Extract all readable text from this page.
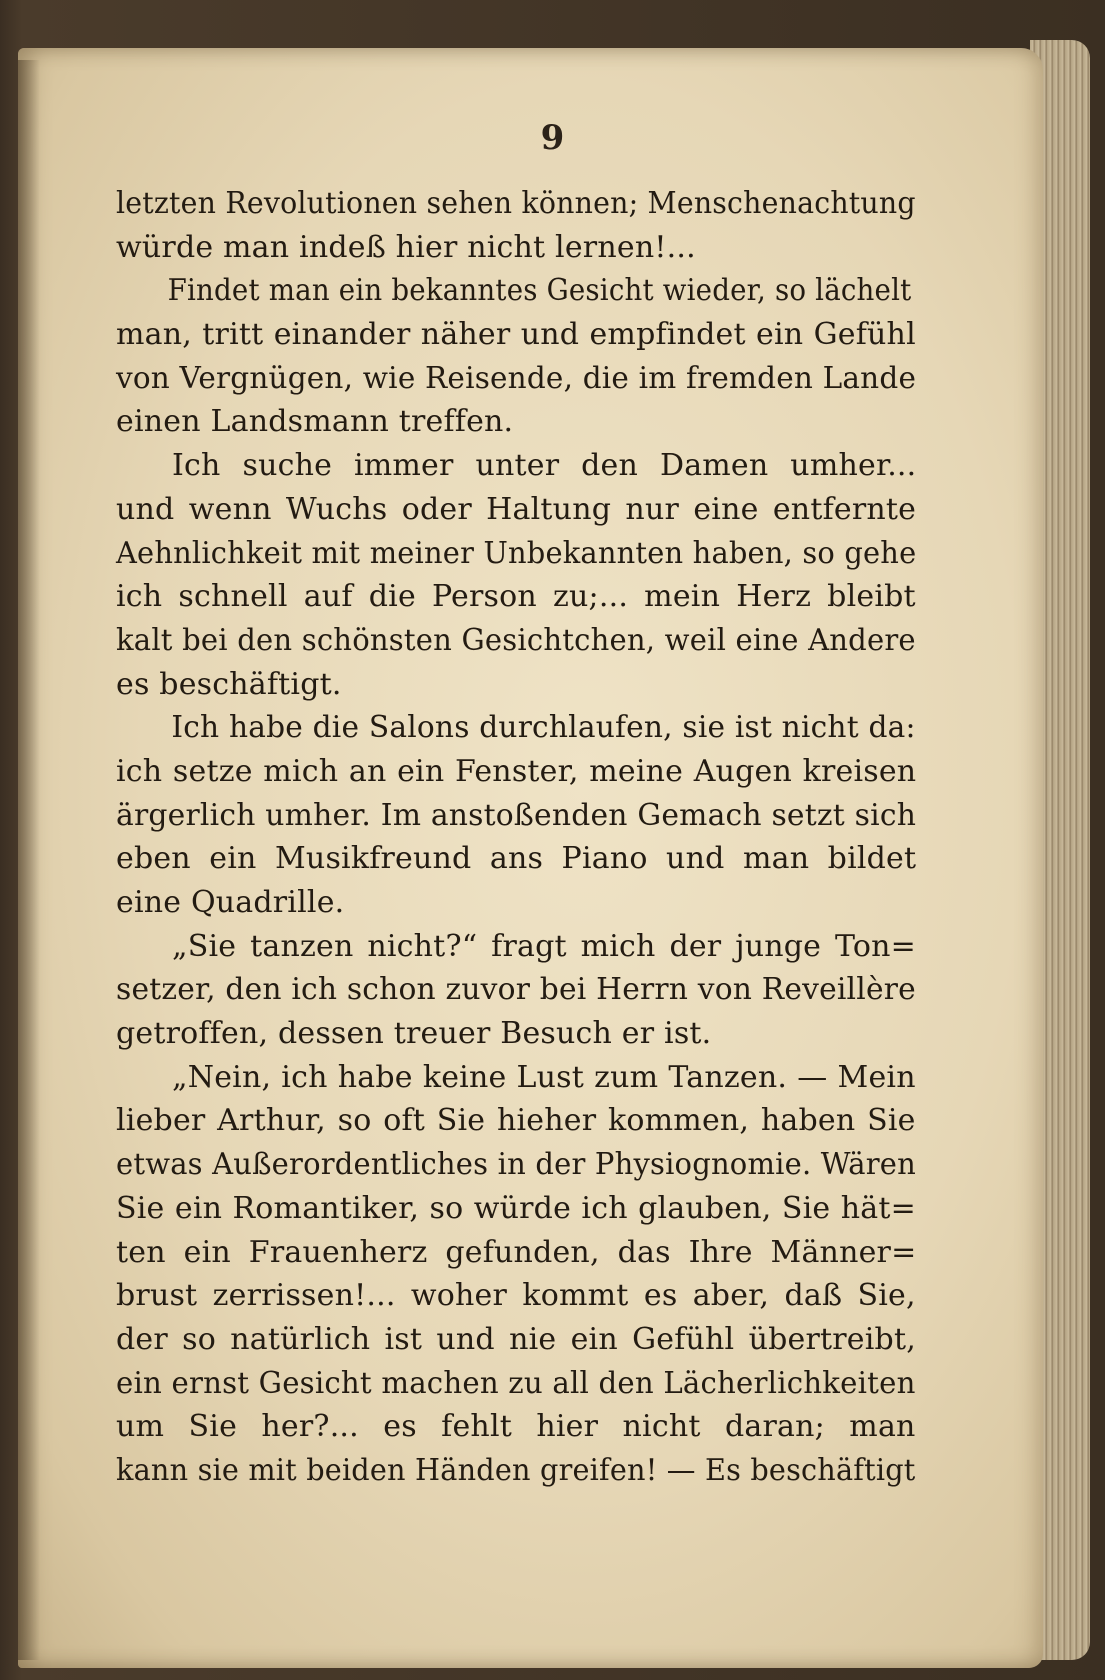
9
letzten Revolutionen sehen können; Menschenachtung
würde man indeß hier nicht lernen!...
Findet man ein bekanntes Gesicht wieder, so lächelt
man, tritt einander näher und empfindet ein Gefühl
von Vergnügen, wie Reisende, die im fremden Lande
einen Landsmann treffen.
Ich suche immer unter den Damen umher...
und wenn Wuchs oder Haltung nur eine entfernte
Aehnlichkeit mit meiner Unbekannten haben, so gehe
ich schnell auf die Person zu;... mein Herz bleibt
kalt bei den schönsten Gesichtchen, weil eine Andere
es beschäftigt.
Ich habe die Salons durchlaufen, sie ist nicht da:
ich setze mich an ein Fenster, meine Augen kreisen
ärgerlich umher. Im anstoßenden Gemach setzt sich
eben ein Musikfreund ans Piano und man bildet
eine Quadrille.
„Sie tanzen nicht?“ fragt mich der junge Ton=
setzer, den ich schon zuvor bei Herrn von Reveillère
getroffen, dessen treuer Besuch er ist.
„Nein, ich habe keine Lust zum Tanzen. — Mein
lieber Arthur, so oft Sie hieher kommen, haben Sie
etwas Außerordentliches in der Physiognomie. Wären
Sie ein Romantiker, so würde ich glauben, Sie hät=
ten ein Frauenherz gefunden, das Ihre Männer=
brust zerrissen!... woher kommt es aber, daß Sie,
der so natürlich ist und nie ein Gefühl übertreibt,
ein ernst Gesicht machen zu all den Lächerlichkeiten
um Sie her?... es fehlt hier nicht daran; man
kann sie mit beiden Händen greifen! — Es beschäftigt
